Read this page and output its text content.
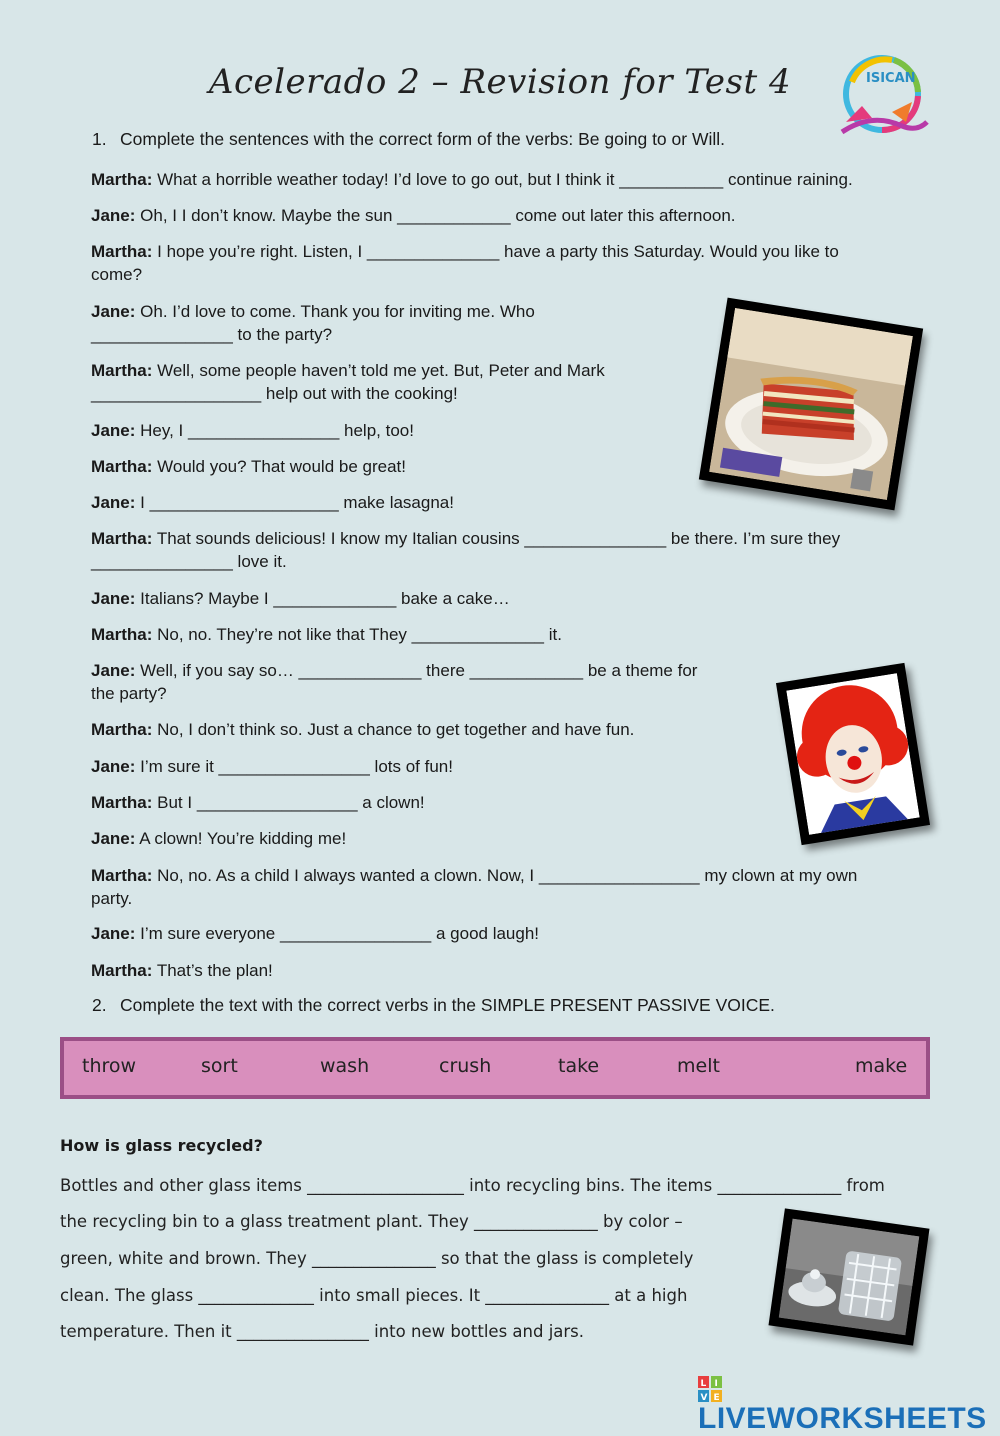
Acelerado 2 – Revision for Test 4	ISICAN
1. Complete the sentences with the correct form of the verbs: Be going to or Will.
Martha: What a horrible weather today! I’d love to go out, but I think it ___________ continue raining.
Jane: Oh, I I don’t know. Maybe the sun ____________ come out later this afternoon.
Martha: I hope you’re right. Listen, I ______________ have a party this Saturday. Would you like to
come?
Jane: Oh. I’d love to come. Thank you for inviting me. Who
_______________ to the party?
Martha: Well, some people haven’t told me yet. But, Peter and Mark
__________________ help out with the cooking!
Jane: Hey, I ________________ help, too!
Martha: Would you? That would be great!
Jane: I ____________________ make lasagna!
Martha: That sounds delicious! I know my Italian cousins _______________ be there. I’m sure they
_______________ love it.
Jane: Italians? Maybe I _____________ bake a cake…
Martha: No, no. They’re not like that They ______________ it.
Jane: Well, if you say so… _____________ there ____________ be a theme for
the party?
Martha: No, I don’t think so. Just a chance to get together and have fun.
Jane: I’m sure it ________________ lots of fun!
Martha: But I _________________ a clown!
Jane: A clown! You’re kidding me!
Martha: No, no. As a child I always wanted a clown. Now, I _________________ my clown at my own
party.
Jane: I’m sure everyone ________________ a good laugh!
Martha: That’s the plan!
2. Complete the text with the correct verbs in the SIMPLE PRESENT PASSIVE VOICE.
throw	sort	wash	crush	take	melt	make
How is glass recycled?
Bottles and other glass items ___________________ into recycling bins. The items _______________ from
the recycling bin to a glass treatment plant. They _______________ by color –
green, white and brown. They _______________ so that the glass is completely
clean. The glass ______________ into small pieces. It _______________ at a high
temperature. Then it ________________ into new bottles and jars.
L I
V E
LIVEWORKSHEETS
